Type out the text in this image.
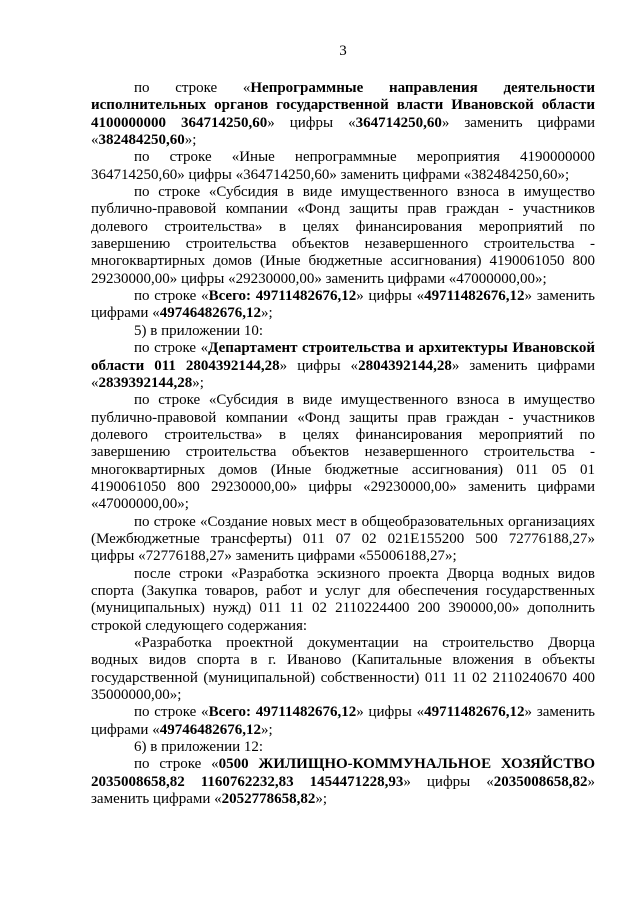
3
по строке «Непрограммные направления деятельности
исполнительных органов государственной власти Ивановской области
4100000000 364714250,60» цифры «364714250,60» заменить цифрами
«382484250,60»;
по строке «Иные непрограммные мероприятия 4190000000
364714250,60» цифры «364714250,60» заменить цифрами «382484250,60»;
по строке «Субсидия в виде имущественного взноса в имущество
публично-правовой компании «Фонд защиты прав граждан - участников
долевого строительства» в целях финансирования мероприятий по
завершению строительства объектов незавершенного строительства -
многоквартирных домов (Иные бюджетные ассигнования) 4190061050 800
29230000,00» цифры «29230000,00» заменить цифрами «47000000,00»;
по строке «Всего: 49711482676,12» цифры «49711482676,12» заменить
цифрами «49746482676,12»;
5) в приложении 10:
по строке «Департамент строительства и архитектуры Ивановской
области 011 2804392144,28» цифры «2804392144,28» заменить цифрами
«2839392144,28»;
по строке «Субсидия в виде имущественного взноса в имущество
публично-правовой компании «Фонд защиты прав граждан - участников
долевого строительства» в целях финансирования мероприятий по
завершению строительства объектов незавершенного строительства -
многоквартирных домов (Иные бюджетные ассигнования) 011 05 01
4190061050 800 29230000,00» цифры «29230000,00» заменить цифрами
«47000000,00»;
по строке «Создание новых мест в общеобразовательных организациях
(Межбюджетные трансферты) 011 07 02 021E155200 500 72776188,27»
цифры «72776188,27» заменить цифрами «55006188,27»;
после строки «Разработка эскизного проекта Дворца водных видов
спорта (Закупка товаров, работ и услуг для обеспечения государственных
(муниципальных) нужд) 011 11 02 2110224400 200 390000,00» дополнить
строкой следующего содержания:
«Разработка проектной документации на строительство Дворца
водных видов спорта в г. Иваново (Капитальные вложения в объекты
государственной (муниципальной) собственности) 011 11 02 2110240670 400
35000000,00»;
по строке «Всего: 49711482676,12» цифры «49711482676,12» заменить
цифрами «49746482676,12»;
6) в приложении 12:
по строке «0500 ЖИЛИЩНО-КОММУНАЛЬНОЕ ХОЗЯЙСТВО
2035008658,82 1160762232,83 1454471228,93» цифры «2035008658,82»
заменить цифрами «2052778658,82»;
